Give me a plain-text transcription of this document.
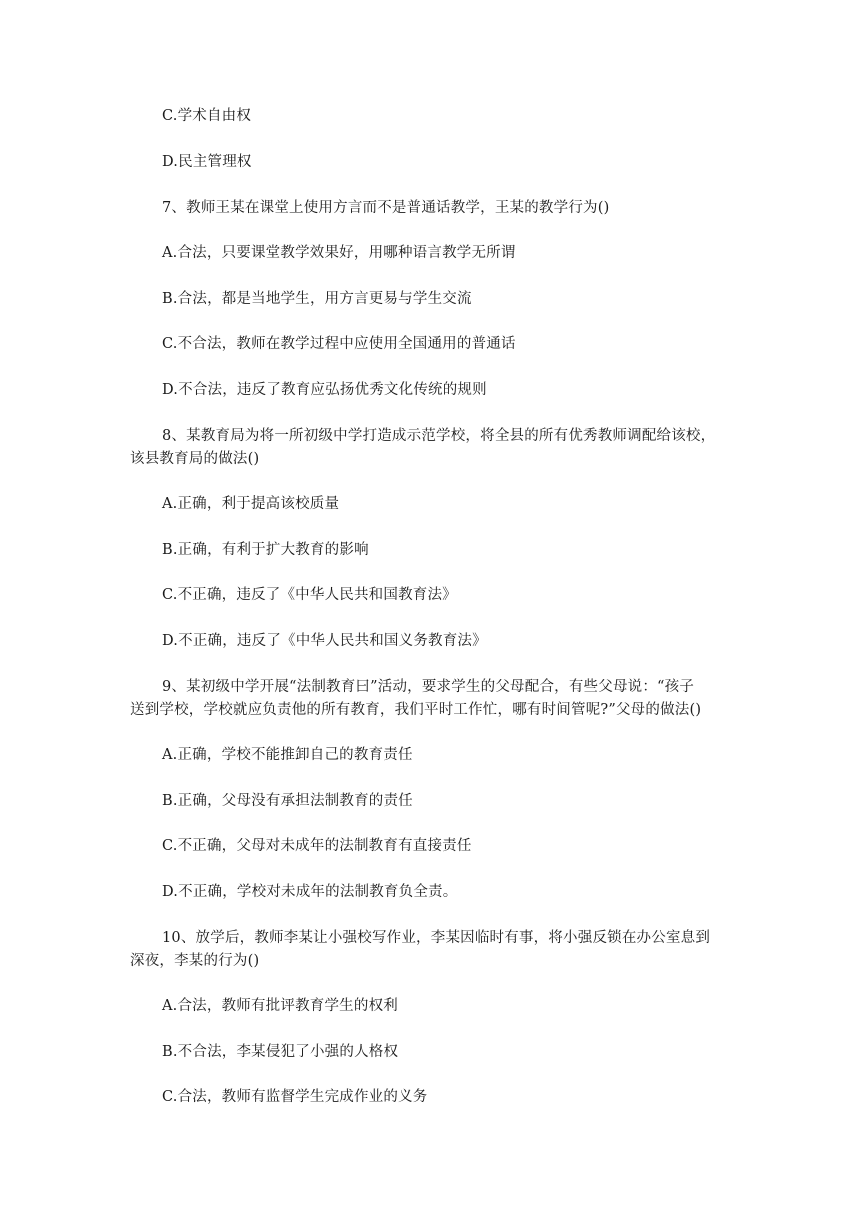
C.学术自由权
D.民主管理权
7、教师王某在课堂上使用方言而不是普通话教学，王某的教学行为()
A.合法，只要课堂教学效果好，用哪种语言教学无所谓
B.合法，都是当地学生，用方言更易与学生交流
C.不合法，教师在教学过程中应使用全国通用的普通话
D.不合法，违反了教育应弘扬优秀文化传统的规则
8、某教育局为将一所初级中学打造成示范学校，将全县的所有优秀教师调配给该校，
该县教育局的做法()
A.正确，利于提高该校质量
B.正确，有利于扩大教育的影响
C.不正确，违反了《中华人民共和国教育法》
D.不正确，违反了《中华人民共和国义务教育法》
9、某初级中学开展“法制教育曰”活动，要求学生的父母配合，有些父母说：“孩子
送到学校，学校就应负责他的所有教育，我们平时工作忙，哪有时间管呢?”父母的做法()
A.正确，学校不能推卸自己的教育责任
B.正确，父母没有承担法制教育的责任
C.不正确，父母对未成年的法制教育有直接责任
D.不正确，学校对未成年的法制教育负全责。
10、放学后，教师李某让小强校写作业，李某因临时有事，将小强反锁在办公室息到
深夜，李某的行为()
A.合法，教师有批评教育学生的权利
B.不合法，李某侵犯了小强的人格权
C.合法，教师有监督学生完成作业的义务
